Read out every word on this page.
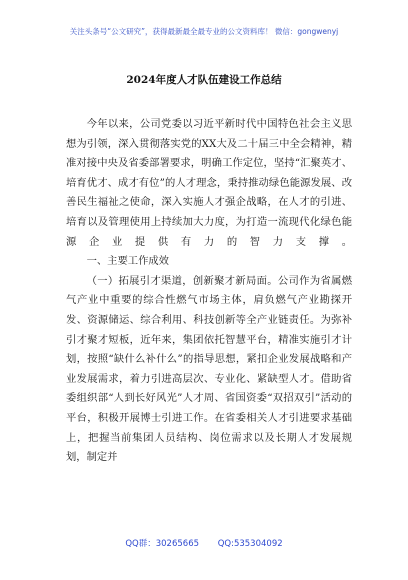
关注头条号“公文研究”，获得最新最全最专业的公文资料库！ 微信：gongwenyj
2024年度人才队伍建设工作总结

今年以来，公司党委以习近平新时代中国特色社会主义思想为引领，深入贯彻落实党的XX大及二十届三中全会精神，精准对接中央及省委部署要求，明确工作定位，坚持“汇聚英才、培育优才、成才有位”的人才理念，秉持推动绿色能源发展、改善民生福祉之使命，深入实施人才强企战略，在人才的引进、培育以及管理使用上持续加大力度，为打造一流现代化绿色能源企业提供有力的智力支撑。

一、主要工作成效

（一）拓展引才渠道，创新聚才新局面。公司作为省属燃气产业中重要的综合性燃气市场主体，肩负燃气产业勘探开发、资源储运、综合利用、科技创新等全产业链责任。为弥补引才聚才短板，近年来，集团依托智慧平台，精准实施引才计划，按照“缺什么补什么”的指导思想，紧扣企业发展战略和产业发展需求，着力引进高层次、专业化、紧缺型人才。借助省委组织部“人到长好风光”人才周、省国资委“双招双引”活动的平台，积极开展博士引进工作。在省委相关人才引进要求基础上，把握当前集团人员结构、岗位需求以及长期人才发展规划，制定并

QQ群：30265665 QQ:535304092
